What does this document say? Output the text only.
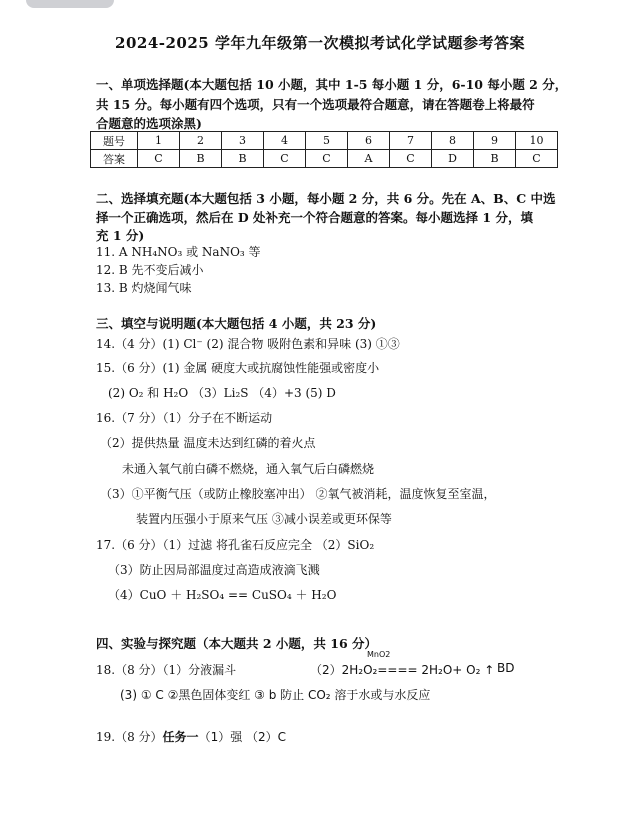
2024-2025 学年九年级第一次模拟考试化学试题参考答案
一、单项选择题(本大题包括 10 小题，其中 1-5 每小题 1 分，6-10 每小题 2 分，
共 15 分。每小题有四个选项，只有一个选项最符合题意，请在答题卷上将最符
合题意的选项涂黑)
题号	1	2	3	4	5	6	7	8	9	10
答案	C	B	B	C	C	A	C	D	B	C
二、选择填充题(本大题包括 3 小题，每小题 2 分，共 6 分。先在 A、B、C 中选
择一个正确选项，然后在 D 处补充一个符合题意的答案。每小题选择 1 分，填
充 1 分)
11. A NH₄NO₃ 或 NaNO₃ 等
12. B 先不变后减小
13. B 灼烧闻气味
三、填空与说明题(本大题包括 4 小题，共 23 分)
14.（4 分）(1) Cl⁻ (2) 混合物 吸附色素和异味 (3) ①③
15.（6 分）(1) 金属 硬度大或抗腐蚀性能强或密度小
(2) O₂ 和 H₂O （3）Li₂S （4）+3 (5) D
16.（7 分）（1）分子在不断运动
（2）提供热量 温度未达到红磷的着火点
未通入氧气前白磷不燃烧，通入氧气后白磷燃烧
（3）①平衡气压（或防止橡胶塞冲出） ②氧气被消耗，温度恢复至室温，
装置内压强小于原来气压 ③减小误差或更环保等
17.（6 分）（1）过滤 将孔雀石反应完全 （2）SiO₂
（3）防止因局部温度过高造成液滴飞溅
（4）CuO ＋ H₂SO₄ == CuSO₄ ＋ H₂O
四、实验与探究题（本大题共 2 小题，共 16 分）
18.（8 分）（1）分液漏斗	（2）2H₂O₂==== 2H₂O+ O₂ ↑
MnO2
BD
(3) ① C ②黑色固体变红 ③ b 防止 CO₂ 溶于水或与水反应
19.（8 分）任务一（1）强 （2）C
